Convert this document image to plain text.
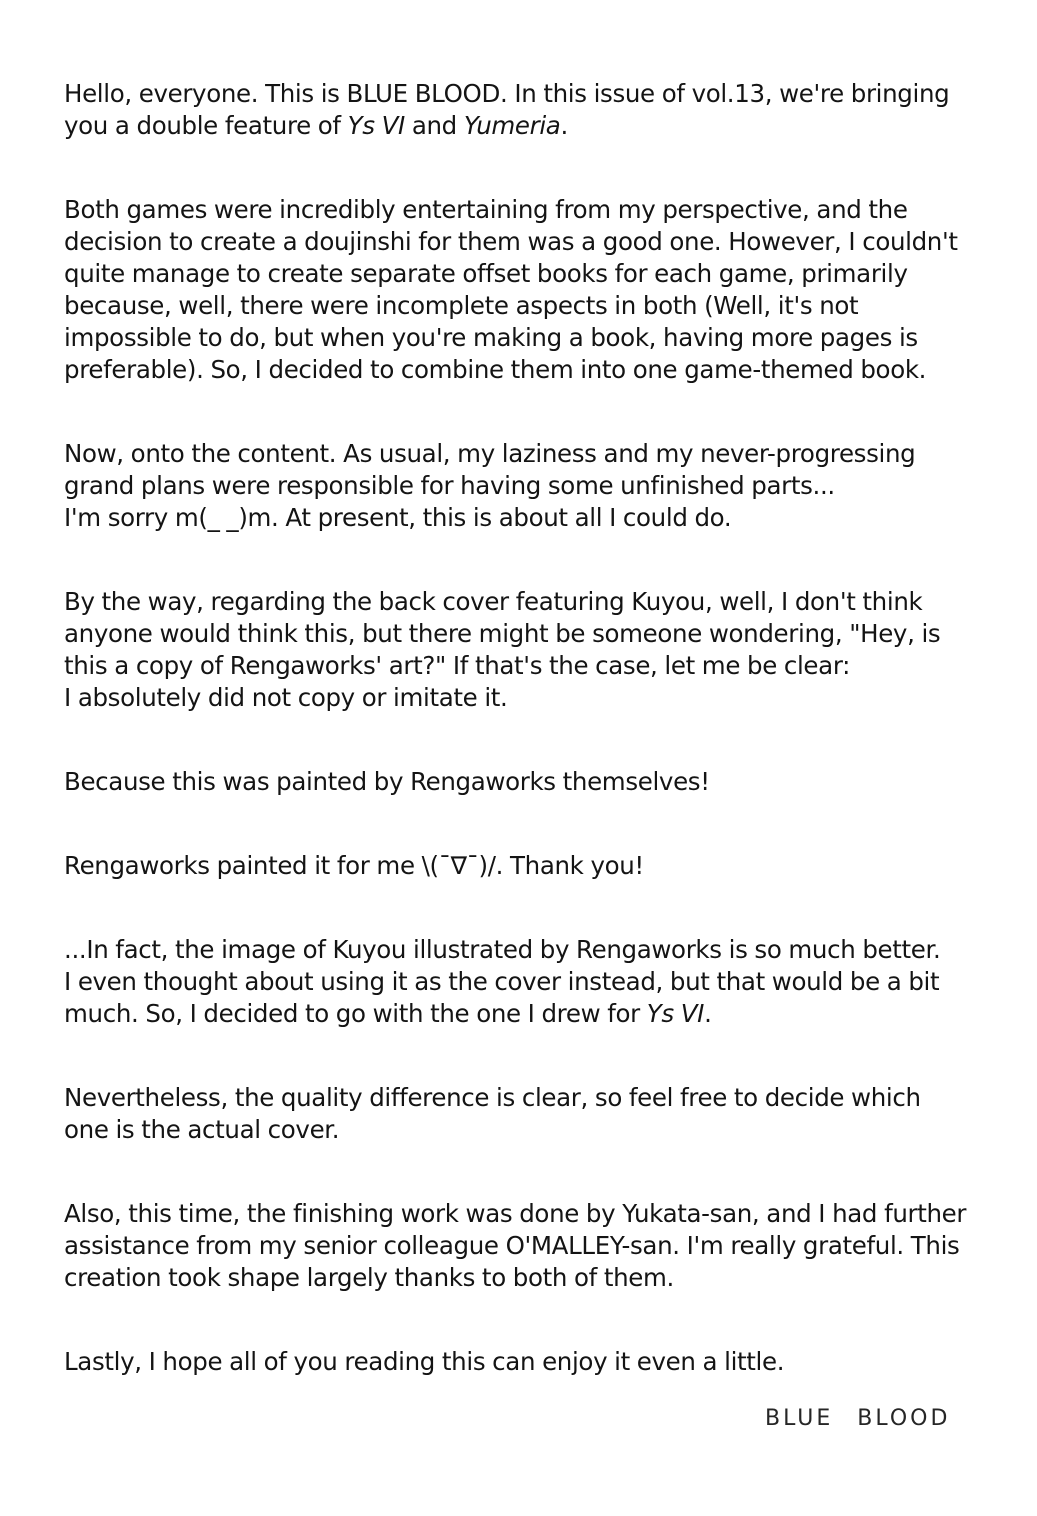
Hello, everyone. This is BLUE BLOOD. In this issue of vol.13, we're bringing
you a double feature of Ys VI and Yumeria.

Both games were incredibly entertaining from my perspective, and the
decision to create a doujinshi for them was a good one. However, I couldn't
quite manage to create separate offset books for each game, primarily
because, well, there were incomplete aspects in both (Well, it's not
impossible to do, but when you're making a book, having more pages is
preferable). So, I decided to combine them into one game-themed book.

Now, onto the content. As usual, my laziness and my never-progressing
grand plans were responsible for having some unfinished parts...
I'm sorry m(_ _)m. At present, this is about all I could do.

By the way, regarding the back cover featuring Kuyou, well, I don't think
anyone would think this, but there might be someone wondering, "Hey, is
this a copy of Rengaworks' art?" If that's the case, let me be clear:
I absolutely did not copy or imitate it.

Because this was painted by Rengaworks themselves!

Rengaworks painted it for me \(¯∇¯)/. Thank you!

...In fact, the image of Kuyou illustrated by Rengaworks is so much better.
I even thought about using it as the cover instead, but that would be a bit
much. So, I decided to go with the one I drew for Ys VI.

Nevertheless, the quality difference is clear, so feel free to decide which
one is the actual cover.

Also, this time, the finishing work was done by Yukata-san, and I had further
assistance from my senior colleague O'MALLEY-san. I'm really grateful. This
creation took shape largely thanks to both of them.

Lastly, I hope all of you reading this can enjoy it even a little.

BLUE BLOOD
